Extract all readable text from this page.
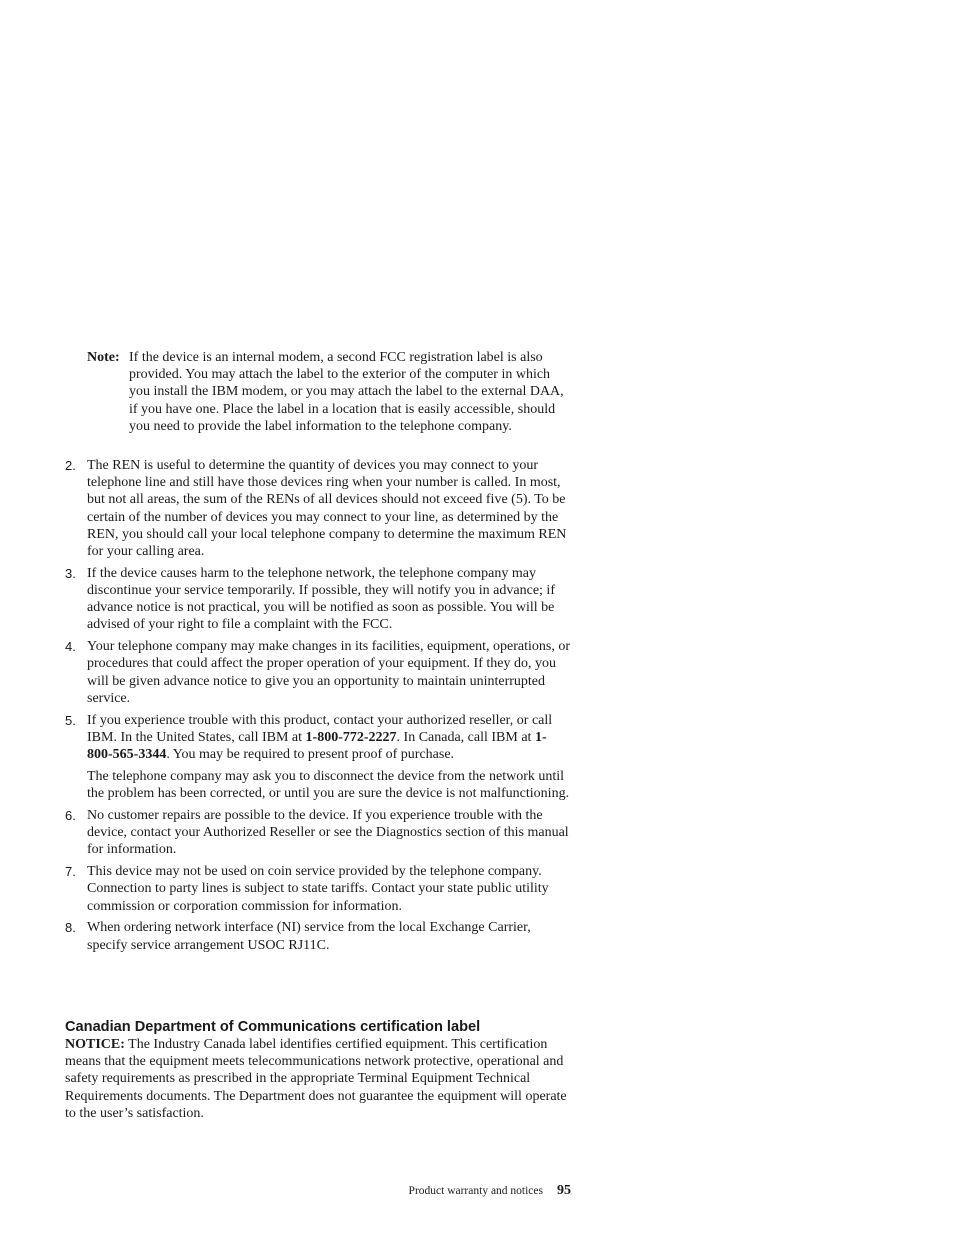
Note: If the device is an internal modem, a second FCC registration label is also provided. You may attach the label to the exterior of the computer in which you install the IBM modem, or you may attach the label to the external DAA, if you have one. Place the label in a location that is easily accessible, should you need to provide the label information to the telephone company.
2. The REN is useful to determine the quantity of devices you may connect to your telephone line and still have those devices ring when your number is called. In most, but not all areas, the sum of the RENs of all devices should not exceed five (5). To be certain of the number of devices you may connect to your line, as determined by the REN, you should call your local telephone company to determine the maximum REN for your calling area.

3. If the device causes harm to the telephone network, the telephone company may discontinue your service temporarily. If possible, they will notify you in advance; if advance notice is not practical, you will be notified as soon as possible. You will be advised of your right to file a complaint with the FCC.

4. Your telephone company may make changes in its facilities, equipment, operations, or procedures that could affect the proper operation of your equipment. If they do, you will be given advance notice to give you an opportunity to maintain uninterrupted service.

5. If you experience trouble with this product, contact your authorized reseller, or call IBM. In the United States, call IBM at 1-800-772-2227. In Canada, call IBM at 1-800-565-3344. You may be required to present proof of purchase.

The telephone company may ask you to disconnect the device from the network until the problem has been corrected, or until you are sure the device is not malfunctioning.

6. No customer repairs are possible to the device. If you experience trouble with the device, contact your Authorized Reseller or see the Diagnostics section of this manual for information.

7. This device may not be used on coin service provided by the telephone company. Connection to party lines is subject to state tariffs. Contact your state public utility commission or corporation commission for information.

8. When ordering network interface (NI) service from the local Exchange Carrier, specify service arrangement USOC RJ11C.

Canadian Department of Communications certification label

NOTICE: The Industry Canada label identifies certified equipment. This certification means that the equipment meets telecommunications network protective, operational and safety requirements as prescribed in the appropriate Terminal Equipment Technical Requirements documents. The Department does not guarantee the equipment will operate to the user’s satisfaction.

Product warranty and notices 95
